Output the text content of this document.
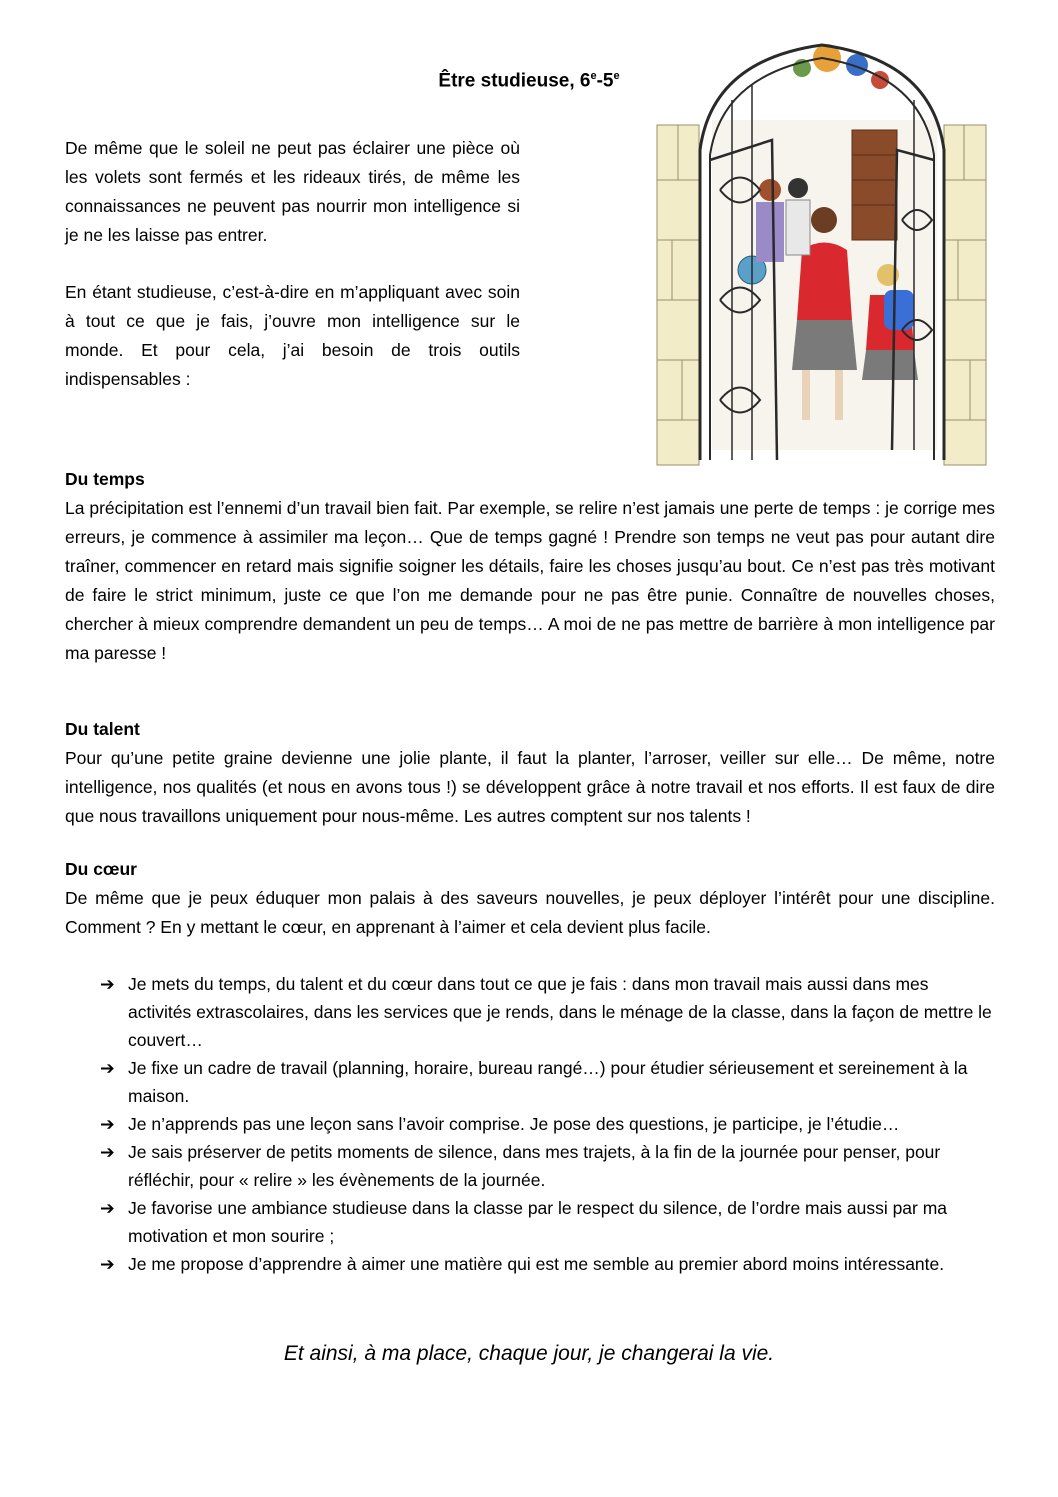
Être studieuse, 6e-5e

De même que le soleil ne peut pas éclairer une pièce où les volets sont fermés et les rideaux tirés, de même les connaissances ne peuvent pas nourrir mon intelligence si je ne les laisse pas entrer.

En étant studieuse, c’est-à-dire en m’appliquant avec soin à tout ce que je fais, j’ouvre mon intelligence sur le monde. Et pour cela, j’ai besoin de trois outils indispensables :

Du temps
La précipitation est l’ennemi d’un travail bien fait. Par exemple, se relire n’est jamais une perte de temps : je corrige mes erreurs, je commence à assimiler ma leçon… Que de temps gagné ! Prendre son temps ne veut pas pour autant dire traîner, commencer en retard mais signifie soigner les détails, faire les choses jusqu’au bout. Ce n’est pas très motivant de faire le strict minimum, juste ce que l’on me demande pour ne pas être punie. Connaître de nouvelles choses, chercher à mieux comprendre demandent un peu de temps… A moi de ne pas mettre de barrière à mon intelligence par ma paresse !
Du talent
Pour qu’une petite graine devienne une jolie plante, il faut la planter, l’arroser, veiller sur elle… De même, notre intelligence, nos qualités (et nous en avons tous !) se développent grâce à notre travail et nos efforts. Il est faux de dire que nous travaillons uniquement pour nous-même. Les autres comptent sur nos talents !
Du cœur
De même que je peux éduquer mon palais à des saveurs nouvelles, je peux déployer l’intérêt pour une discipline. Comment ? En y mettant le cœur, en apprenant à l’aimer et cela devient plus facile.
➔ Je mets du temps, du talent et du cœur dans tout ce que je fais : dans mon travail mais aussi dans mes activités extrascolaires, dans les services que je rends, dans le ménage de la classe, dans la façon de mettre le couvert…
➔ Je fixe un cadre de travail (planning, horaire, bureau rangé…) pour étudier sérieusement et sereinement à la maison.
➔ Je n’apprends pas une leçon sans l’avoir comprise. Je pose des questions, je participe, je l’étudie…
➔ Je sais préserver de petits moments de silence, dans mes trajets, à la fin de la journée pour penser, pour réfléchir, pour « relire » les évènements de la journée.
➔ Je favorise une ambiance studieuse dans la classe par le respect du silence, de l’ordre mais aussi par ma motivation et mon sourire ;
➔ Je me propose d’apprendre à aimer une matière qui est me semble au premier abord moins intéressante.
Et ainsi, à ma place, chaque jour, je changerai la vie.
